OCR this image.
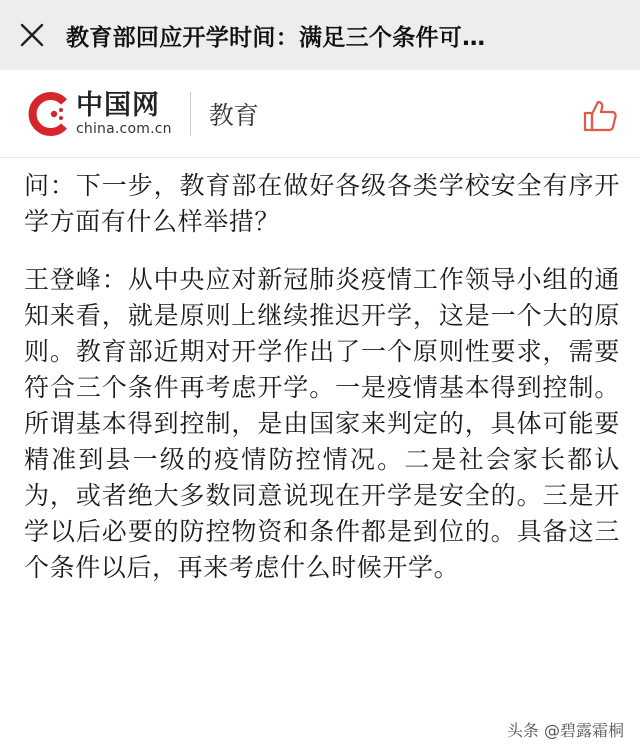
教育部回应开学时间：满足三个条件可…
中国网
china.com.cn 教育

问：下一步，教育部在做好各级各类学校安全有序开学方面有什么样举措？

王登峰：从中央应对新冠肺炎疫情工作领导小组的通知来看，就是原则上继续推迟开学，这是一个大的原则。教育部近期对开学作出了一个原则性要求，需要符合三个条件再考虑开学。一是疫情基本得到控制。所谓基本得到控制，是由国家来判定的，具体可能要精准到县一级的疫情防控情况。二是社会家长都认为，或者绝大多数同意说现在开学是安全的。三是开学以后必要的防控物资和条件都是到位的。具备这三个条件以后，再来考虑什么时候开学。

头条 @碧露霜桐
